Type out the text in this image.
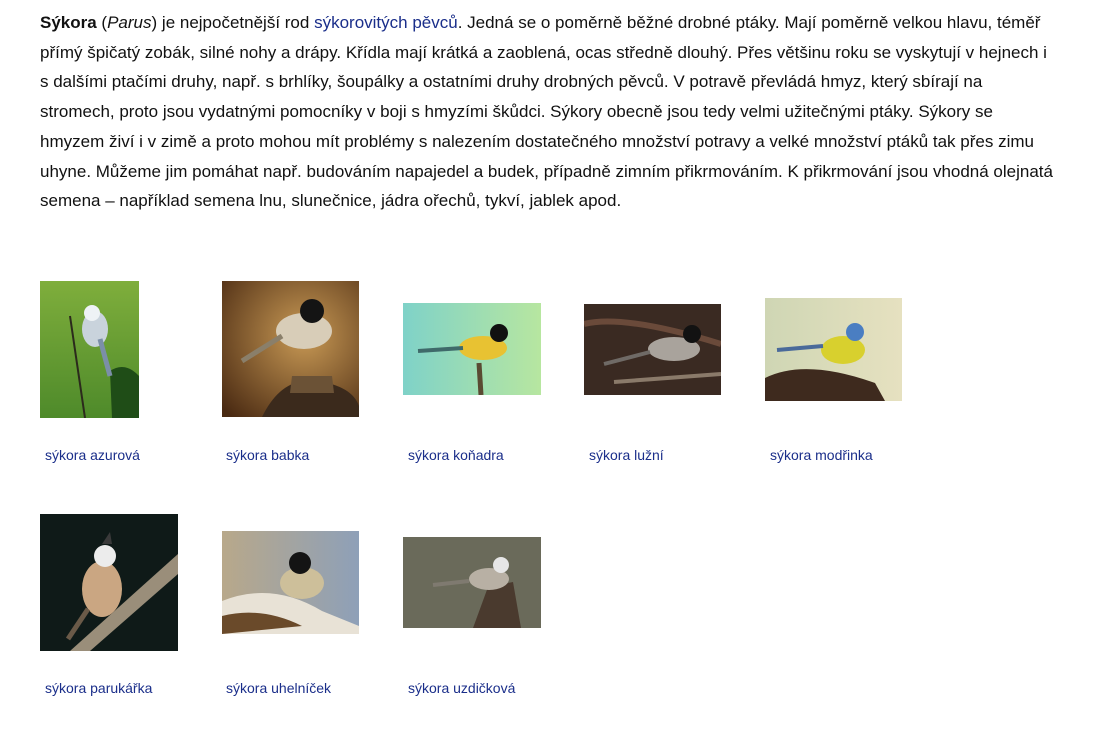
Sýkora (Parus) je nejpočetnější rod sýkorovitých pěvců. Jedná se o poměrně běžné drobné ptáky. Mají poměrně velkou hlavu, téměř přímý špičatý zobák, silné nohy a drápy. Křídla mají krátká a zaoblená, ocas středně dlouhý. Přes většinu roku se vyskytují v hejnech i s dalšími ptačími druhy, např. s brhlíky, šoupálky a ostatními druhy drobných pěvců. V potravě převládá hmyz, který sbírají na stromech, proto jsou vydatnými pomocníky v boji s hmyzími škůdci. Sýkory obecně jsou tedy velmi užitečnými ptáky. Sýkory se hmyzem živí i v zimě a proto mohou mít problémy s nalezením dostatečného množství potravy a velké množství ptáků tak přes zimu uhyne. Můžeme jim pomáhat např. budováním napajedel a budek, případně zimním přikrmováním. K přikrmování jsou vhodná olejnatá semena – například semena lnu, slunečnice, jádra ořechů, tykví, jablek apod.

sýkora azurová	sýkora babka	sýkora koňadra	sýkora lužní	sýkora modřinka
sýkora parukářka	sýkora uhelníček	sýkora uzdičková
